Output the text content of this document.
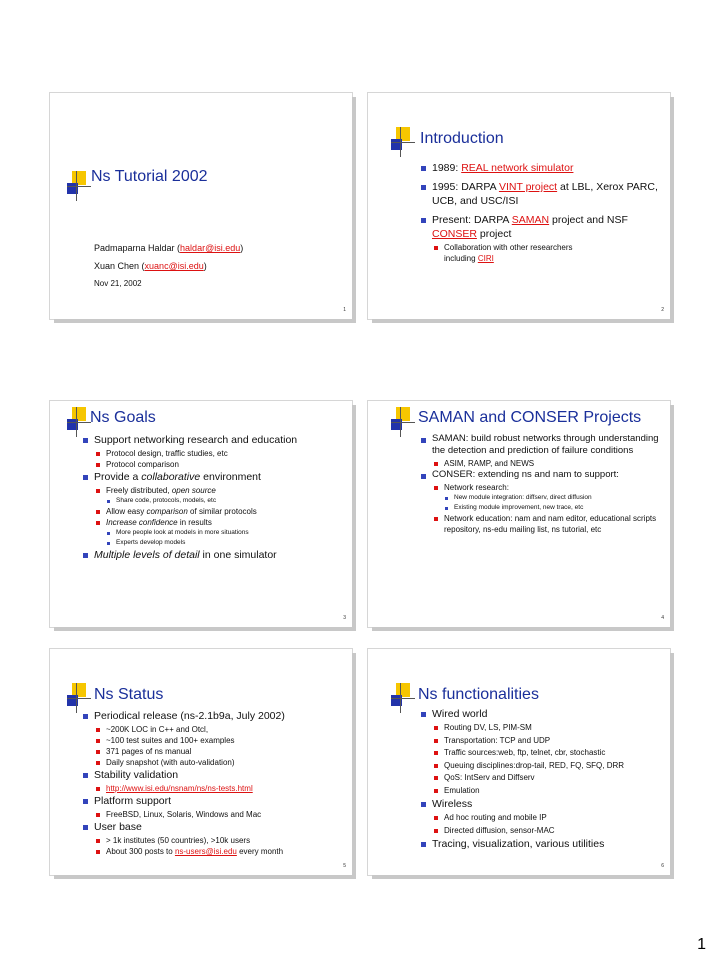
Ns Tutorial 2002
Padmaparna Haldar (haldar@isi.edu)
Xuan Chen (xuanc@isi.edu)
Nov 21, 2002
1
Introduction
1989: REAL network simulator
1995: DARPA VINT project at LBL, Xerox PARC, UCB, and USC/ISI
Present: DARPA SAMAN project and NSF CONSER project
Collaboration with other researchers including CIRI
2
Ns Goals
Support networking research and education
Protocol design, traffic studies, etc
Protocol comparison
Provide a collaborative environment
Freely distributed, open source
Share code, protocols, models, etc
Allow easy comparison of similar protocols
Increase confidence in results
More people look at models in more situations
Experts develop models
Multiple levels of detail in one simulator
3
SAMAN and CONSER Projects
SAMAN: build robust networks through understanding the detection and prediction of failure conditions
ASIM, RAMP, and NEWS
CONSER: extending ns and nam to support:
Network research:
New module integration: diffserv, direct diffusion
Existing module improvement, new trace, etc
Network education: nam and nam editor, educational scripts repository, ns-edu mailing list, ns tutorial, etc
4
Ns Status
Periodical release (ns-2.1b9a, July 2002)
~200K LOC in C++ and Otcl,
~100 test suites and 100+ examples
371 pages of ns manual
Daily snapshot (with auto-validation)
Stability validation
http://www.isi.edu/nsnam/ns/ns-tests.html
Platform support
FreeBSD, Linux, Solaris, Windows and Mac
User base
> 1k institutes (50 countries), >10k users
About 300 posts to ns-users@isi.edu every month
5
Ns functionalities
Wired world
Routing DV, LS, PIM-SM
Transportation: TCP and UDP
Traffic sources:web, ftp, telnet, cbr, stochastic
Queuing disciplines:drop-tail, RED, FQ, SFQ, DRR
QoS: IntServ and Diffserv
Emulation
Wireless
Ad hoc routing and mobile IP
Directed diffusion, sensor-MAC
Tracing, visualization, various utilities
6
1
